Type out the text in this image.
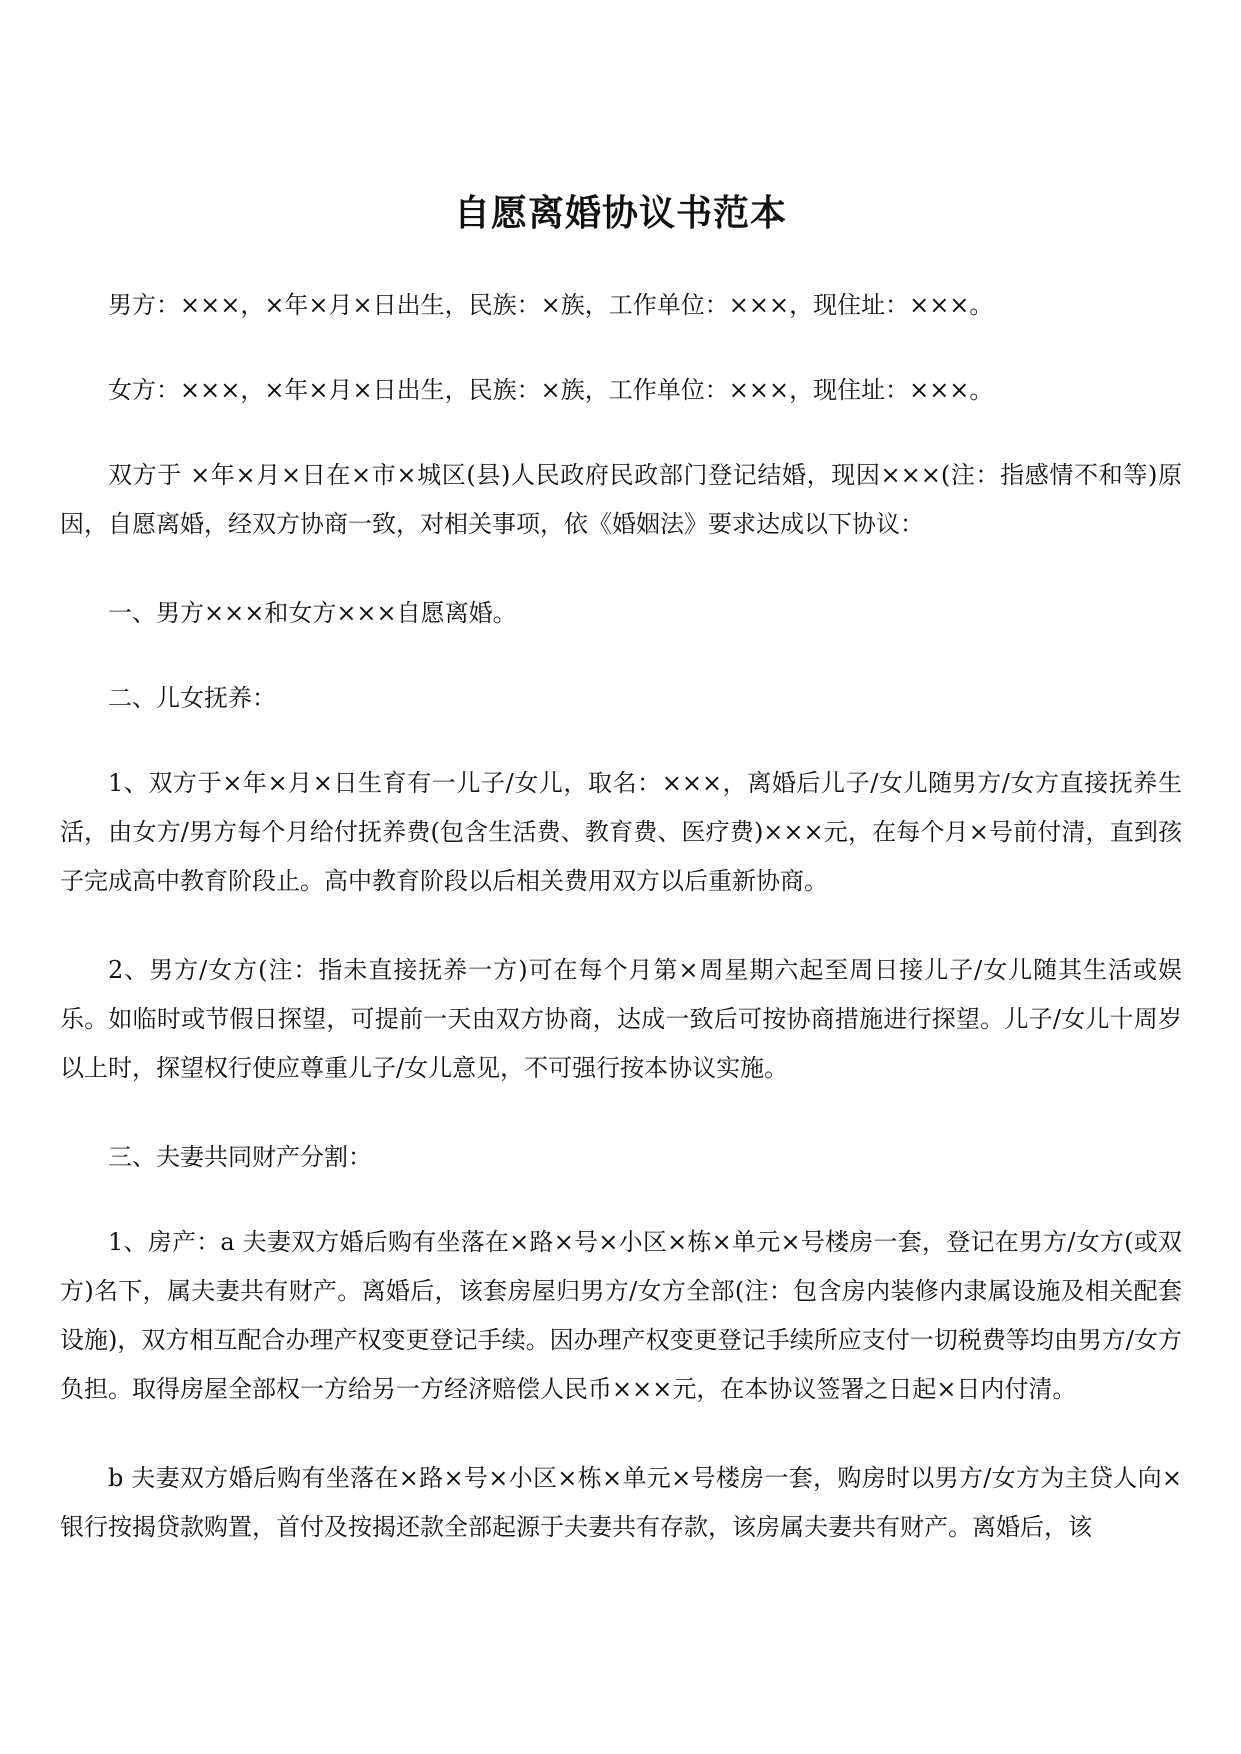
自愿离婚协议书范本

男方：×××，×年×月×日出生，民族：×族，工作单位：×××，现住址：×××。

女方：×××，×年×月×日出生，民族：×族，工作单位：×××，现住址：×××。

双方于 ×年×月×日在×市×城区(县)人民政府民政部门登记结婚，现因×××(注：指感情不和等)原因，自愿离婚，经双方协商一致，对相关事项，依《婚姻法》要求达成以下协议：

一、男方×××和女方×××自愿离婚。

二、儿女抚养：

1、双方于×年×月×日生育有一儿子/女儿，取名：×××，离婚后儿子/女儿随男方/女方直接抚养生活，由女方/男方每个月给付抚养费(包含生活费、教育费、医疗费)×××元，在每个月×号前付清，直到孩子完成高中教育阶段止。高中教育阶段以后相关费用双方以后重新协商。

2、男方/女方(注：指未直接抚养一方)可在每个月第×周星期六起至周日接儿子/女儿随其生活或娱乐。如临时或节假日探望，可提前一天由双方协商，达成一致后可按协商措施进行探望。儿子/女儿十周岁以上时，探望权行使应尊重儿子/女儿意见，不可强行按本协议实施。

三、夫妻共同财产分割：

1、房产：a 夫妻双方婚后购有坐落在×路×号×小区×栋×单元×号楼房一套，登记在男方/女方(或双方)名下，属夫妻共有财产。离婚后，该套房屋归男方/女方全部(注：包含房内装修内隶属设施及相关配套设施)，双方相互配合办理产权变更登记手续。因办理产权变更登记手续所应支付一切税费等均由男方/女方负担。取得房屋全部权一方给另一方经济赔偿人民币×××元，在本协议签署之日起×日内付清。

b 夫妻双方婚后购有坐落在×路×号×小区×栋×单元×号楼房一套，购房时以男方/女方为主贷人向×银行按揭贷款购置，首付及按揭还款全部起源于夫妻共有存款，该房属夫妻共有财产。离婚后，该
